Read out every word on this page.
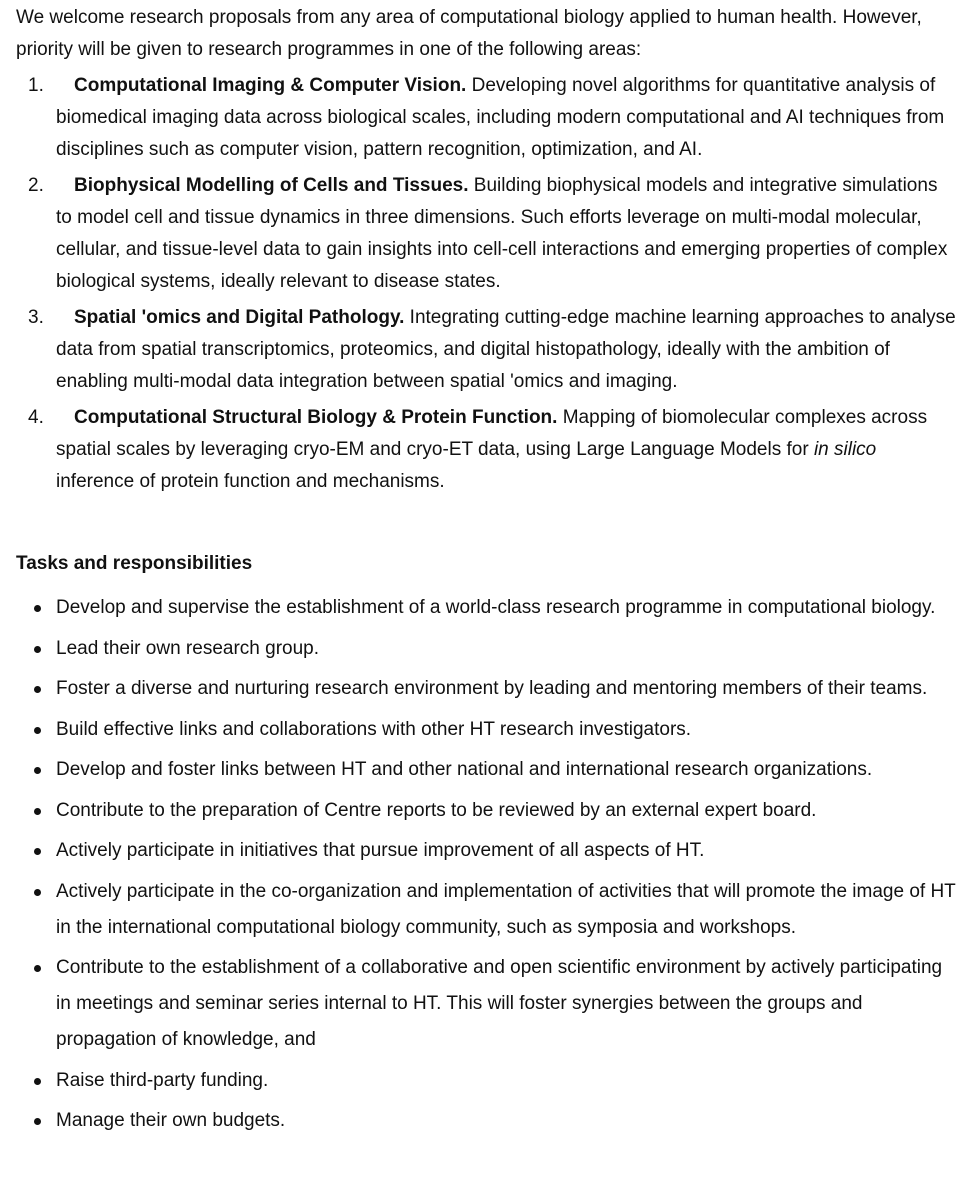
We welcome research proposals from any area of computational biology applied to human health. However, priority will be given to research programmes in one of the following areas:

1. Computational Imaging & Computer Vision. Developing novel algorithms for quantitative analysis of biomedical imaging data across biological scales, including modern computational and AI techniques from disciplines such as computer vision, pattern recognition, optimization, and AI.
2. Biophysical Modelling of Cells and Tissues. Building biophysical models and integrative simulations to model cell and tissue dynamics in three dimensions. Such efforts leverage on multi-modal molecular, cellular, and tissue-level data to gain insights into cell-cell interactions and emerging properties of complex biological systems, ideally relevant to disease states.
3. Spatial 'omics and Digital Pathology. Integrating cutting-edge machine learning approaches to analyse data from spatial transcriptomics, proteomics, and digital histopathology, ideally with the ambition of enabling multi-modal data integration between spatial 'omics and imaging.
4. Computational Structural Biology & Protein Function. Mapping of biomolecular complexes across spatial scales by leveraging cryo-EM and cryo-ET data, using Large Language Models for in silico inference of protein function and mechanisms.
Tasks and responsibilities
Develop and supervise the establishment of a world-class research programme in computational biology.
Lead their own research group.
Foster a diverse and nurturing research environment by leading and mentoring members of their teams.
Build effective links and collaborations with other HT research investigators.
Develop and foster links between HT and other national and international research organizations.
Contribute to the preparation of Centre reports to be reviewed by an external expert board.
Actively participate in initiatives that pursue improvement of all aspects of HT.
Actively participate in the co-organization and implementation of activities that will promote the image of HT in the international computational biology community, such as symposia and workshops.
Contribute to the establishment of a collaborative and open scientific environment by actively participating in meetings and seminar series internal to HT. This will foster synergies between the groups and propagation of knowledge, and
Raise third-party funding.
Manage their own budgets.
